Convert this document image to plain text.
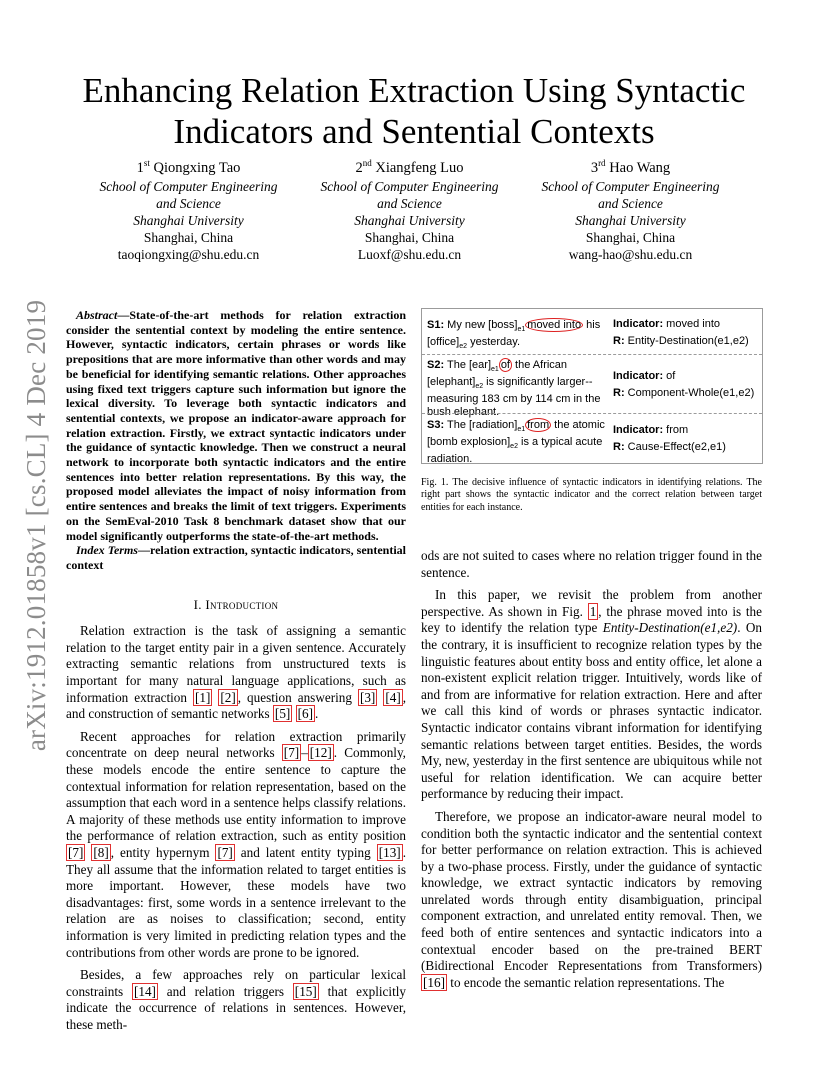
arXiv:1912.01858v1 [cs.CL] 4 Dec 2019
Enhancing Relation Extraction Using Syntactic
Indicators and Sentential Contexts
1st Qiongxing Tao
School of Computer Engineering
and Science
Shanghai University
Shanghai, China
taoqiongxing@shu.edu.cn
2nd Xiangfeng Luo
School of Computer Engineering
and Science
Shanghai University
Shanghai, China
Luoxf@shu.edu.cn
3rd Hao Wang
School of Computer Engineering
and Science
Shanghai University
Shanghai, China
wang-hao@shu.edu.cn

Abstract—State-of-the-art methods for relation extraction consider the sentential context by modeling the entire sentence. However, syntactic indicators, certain phrases or words like prepositions that are more informative than other words and may be beneficial for identifying semantic relations. Other approaches using fixed text triggers capture such information but ignore the lexical diversity. To leverage both syntactic indicators and sentential contexts, we propose an indicator-aware approach for relation extraction. Firstly, we extract syntactic indicators under the guidance of syntactic knowledge. Then we construct a neural network to incorporate both syntactic indicators and the entire sentences into better relation representations. By this way, the proposed model alleviates the impact of noisy information from entire sentences and breaks the limit of text triggers. Experiments on the SemEval-2010 Task 8 benchmark dataset show that our model significantly outperforms the state-of-the-art methods.

Index Terms—relation extraction, syntactic indicators, sentential context

I. Introduction

Relation extraction is the task of assigning a semantic relation to the target entity pair in a given sentence. Accurately extracting semantic relations from unstructured texts is important for many natural language applications, such as information extraction [1] [2] , question answering [3] [4] , and construction of semantic networks [5] [6] .

Recent approaches for relation extraction primarily concentrate on deep neural networks [7] – [12] . Commonly, these models encode the entire sentence to capture the contextual information for relation representation, based on the assumption that each word in a sentence helps classify relations. A majority of these methods use entity information to improve the performance of relation extraction, such as entity position [7] [8] , entity hypernym [7] and latent entity typing [13] . They all assume that the information related to target entities is more important. However, these models have two disadvantages: first, some words in a sentence irrelevant to the relation are as noises to classification; second, entity information is very limited in predicting relation types and the contributions from other words are prone to be ignored.

Besides, a few approaches rely on particular lexical constraints [14] and relation triggers [15] that explicitly indicate the occurrence of relations in sentences. However, these meth-

S1: My new $[boss]_{e1}$ moved into his $[office]_{e2}$ yesterday.
Indicator: moved into

R: Entity-Destination(e1,e2)
S2: The $[ear]_{e1}$ of the African $[elephant]_{e2}$ is significantly larger--measuring 183 cm by 114 cm in the bush elephant.
Indicator: of

R: Component-Whole(e1,e2)
S3: The $[radiation]_{e1}$ from the atomic [bomb $explosion]_{e2}$ is a typical acute radiation.
Indicator: from

R: Cause-Effect(e2,e1)
Fig. 1. The decisive influence of syntactic indicators in identifying relations. The right part shows the syntactic indicator and the correct relation between target entities for each instance.

ods are not suited to cases where no relation trigger found in the sentence.

In this paper, we revisit the problem from another perspective. As shown in Fig. 1 , the phrase moved into is the key to identify the relation type Entity-Destination(e1,e2). On the contrary, it is insufficient to recognize relation types by the linguistic features about entity boss and entity office, let alone a non-existent explicit relation trigger. Intuitively, words like of and from are informative for relation extraction. Here and after we call this kind of words or phrases syntactic indicator. Syntactic indicator contains vibrant information for identifying semantic relations between target entities. Besides, the words My, new, yesterday in the first sentence are ubiquitous while not useful for relation identification. We can acquire better performance by reducing their impact.

Therefore, we propose an indicator-aware neural model to condition both the syntactic indicator and the sentential context for better performance on relation extraction. This is achieved by a two-phase process. Firstly, under the guidance of syntactic knowledge, we extract syntactic indicators by removing unrelated words through entity disambiguation, principal component extraction, and unrelated entity removal. Then, we feed both of entire sentences and syntactic indicators into a contextual encoder based on the pre-trained BERT (Bidirectional Encoder Representations from Transformers) [16] to encode the semantic relation representations. The
